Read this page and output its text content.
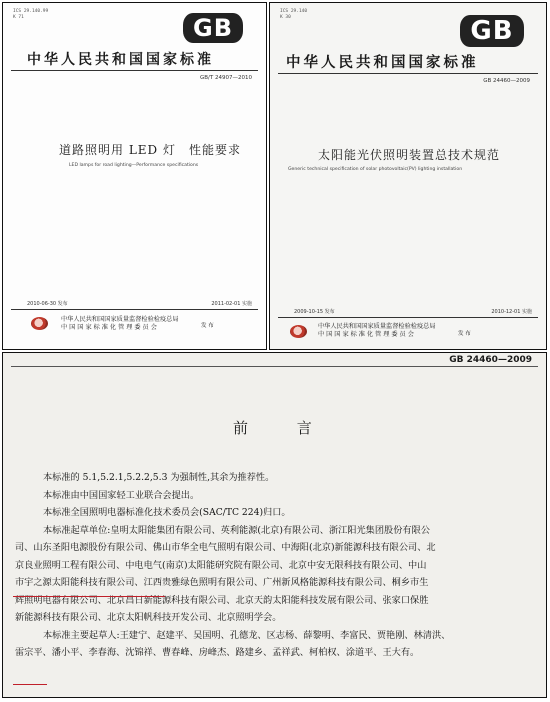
ICS 29.140.99
K 71	GB
中华人民共和国国家标准
GB/T 24907—2010
道路照明用 LED 灯　性能要求
LED lamps for road lighting—Performance specifications
2010-06-30 发布	2011-02-01 实施
中华人民共和国国家质量监督检验检疫总局
中 国 国 家 标 准 化 管 理 委 员 会	发 布
ICS 29.140
K 30	GB
中华人民共和国国家标准
GB 24460—2009
太阳能光伏照明装置总技术规范
Generic technical specification of solar photovoltaic(PV) lighting installation
2009-10-15 发布	2010-12-01 实施
中华人民共和国国家质量监督检验检疫总局
中 国 国 家 标 准 化 管 理 委 员 会	发 布
GB 24460—2009
前 言
本标准的 5.1,5.2.1,5.2.2,5.3 为强制性,其余为推荐性。
本标准由中国国家轻工业联合会提出。
本标准全国照明电器标准化技术委员会(SAC/TC 224)归口。
本标准起草单位:皇明太阳能集团有限公司、英利能源(北京)有限公司、浙江阳光集团股份有限公
司、山东圣阳电源股份有限公司、佛山市华全电气照明有限公司、中海阳(北京)新能源科技有限公司、北
京良业照明工程有限公司、中电电气(南京)太阳能研究院有限公司、北京中安无限科技有限公司、中山
市宇之源太阳能科技有限公司、江西贵雅绿色照明有限公司、广州新风格能源科技有限公司、桐乡市生
辉照明电器有限公司、北京昌日新能源科技有限公司、北京天韵太阳能科技发展有限公司、张家口保胜
新能源科技有限公司、北京太阳帆科技开发公司、北京照明学会。
本标准主要起草人:王建宁、赵建平、吴国明、孔德龙、区志杨、薛黎明、李富民、贾艳刚、林清洪、
雷宗平、潘小平、李春海、沈锦祥、曹春峰、房峰杰、路建乡、孟祥武、柯柏权、涂道平、王大有。
